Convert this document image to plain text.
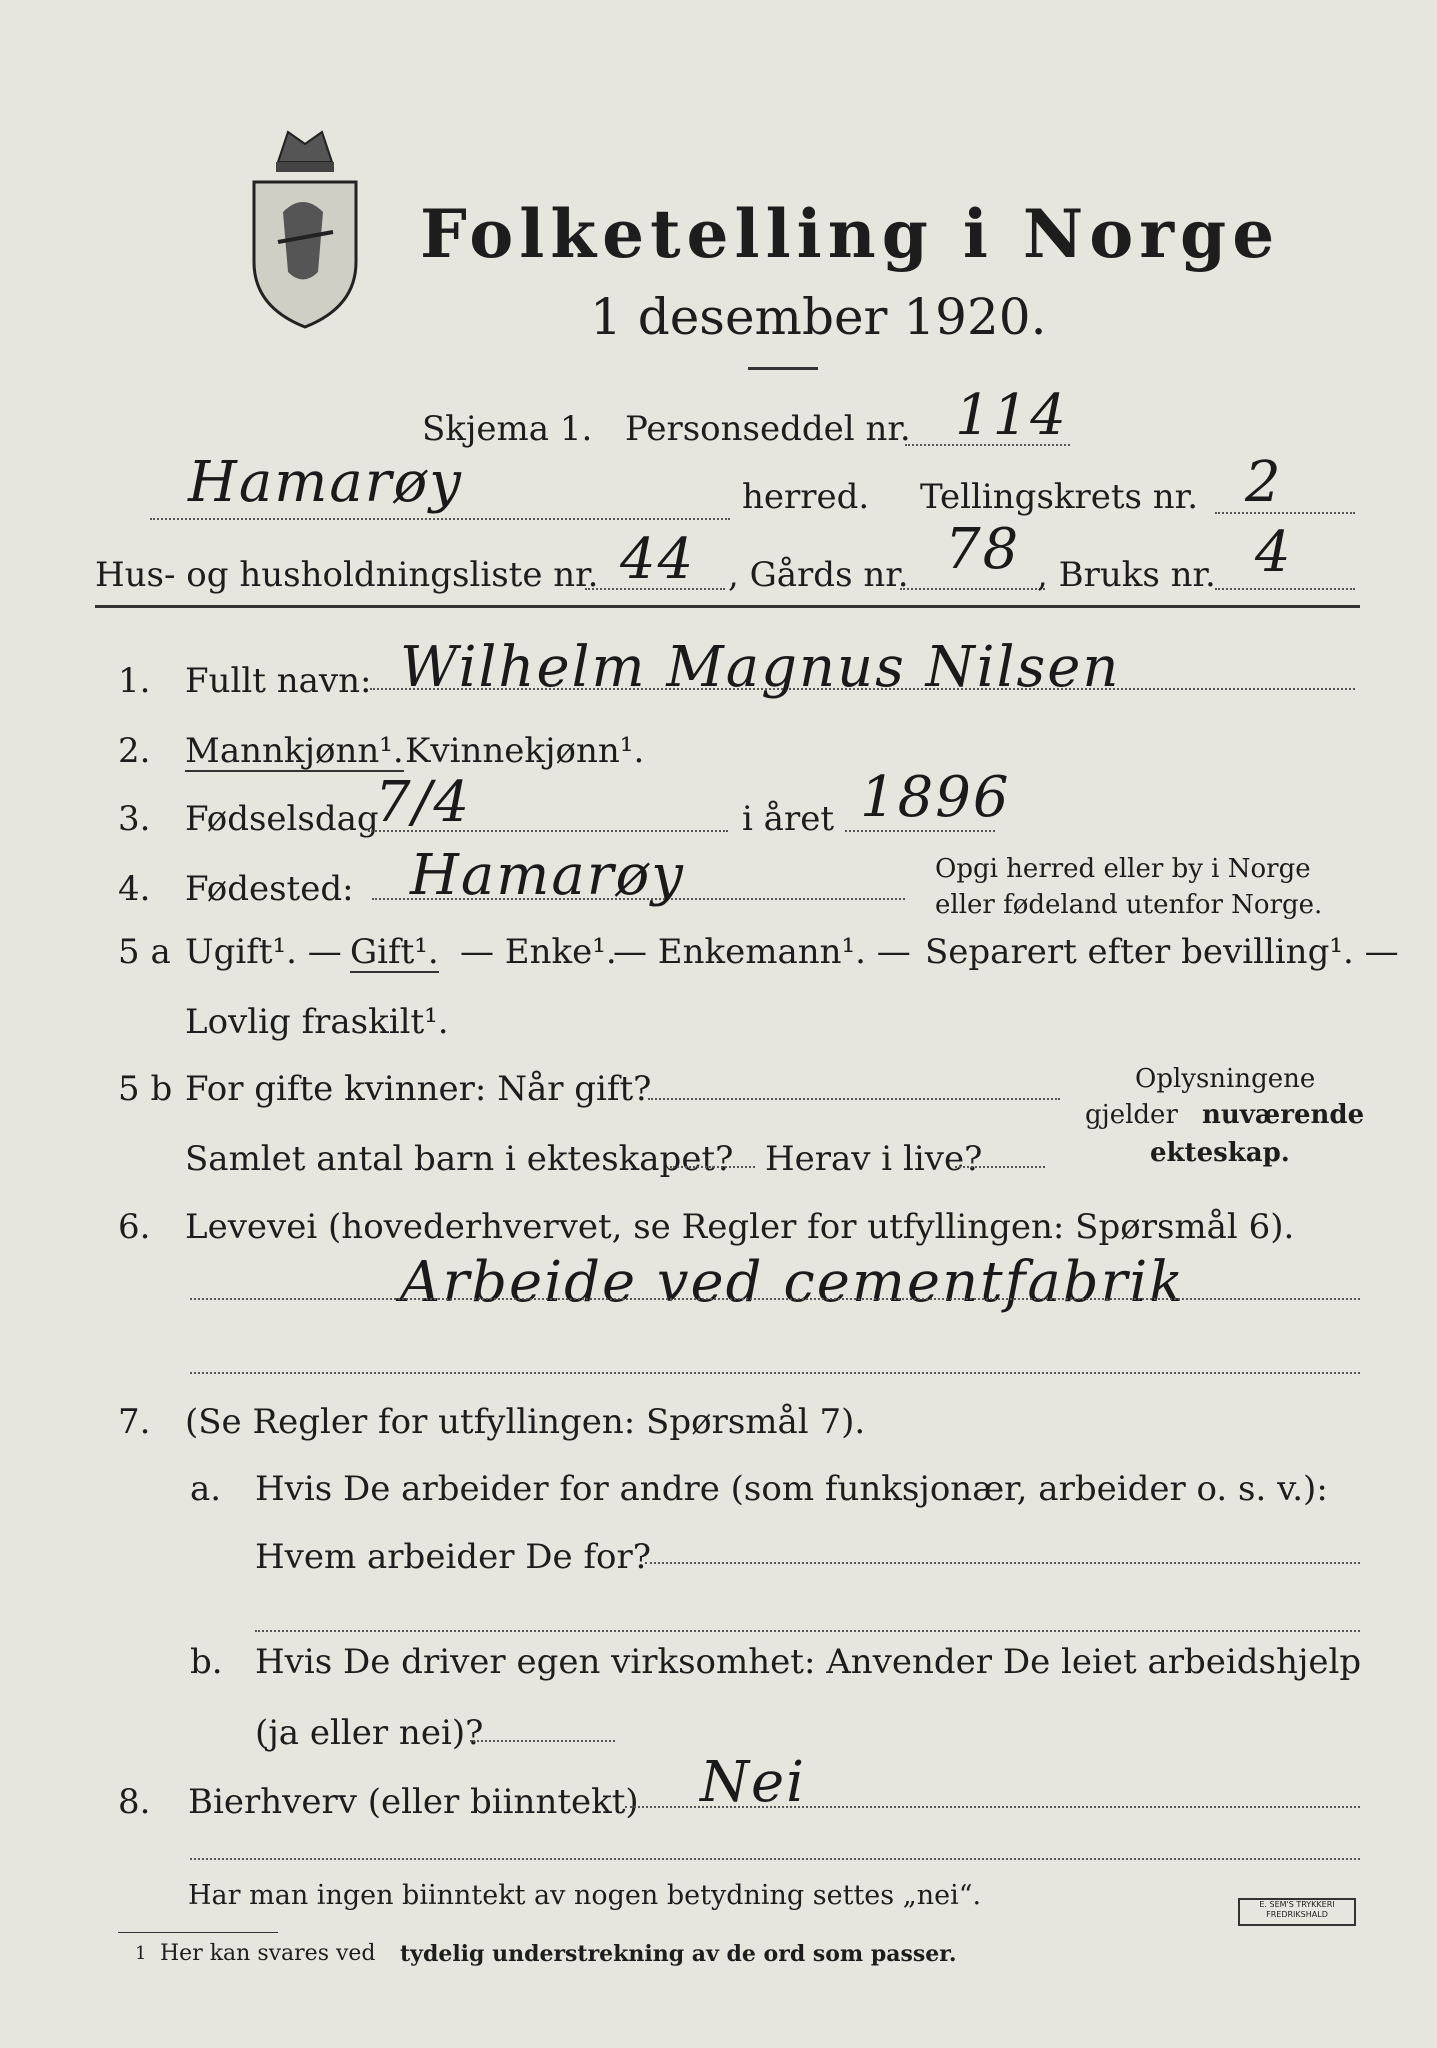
Folketelling i Norge
1 desember 1920.
Skjema 1. Personseddel nr. 114
Hamarøy	herred. Tellingskrets nr. 2
Hus- og husholdningsliste nr. 44 , Gårds nr. 78 , Bruks nr. 4
1. Fullt navn: Wilhelm Magnus Nilsen
2. Mannkjønn¹. Kvinnekjønn¹.
3. Fødselsdag
7/4	i året 1896
4. Fødested: Hamarøy	Opgi herred eller by i Norge
eller fødeland utenfor Norge.
5 a Ugift¹. — Gift¹. — Enke¹.
— Enkemann¹. — Separert efter bevilling¹. —
Lovlig fraskilt¹.
5 b For gifte kvinner: Når gift?
Samlet antal barn i ekteskapet? Herav i live?
Oplysningene
gjelder nuværende
ekteskap.
6. Levevei (hovederhvervet, se Regler for utfyllingen: Spørsmål 6).
Arbeide ved cementfabrik
7. (Se Regler for utfyllingen: Spørsmål 7).
a. Hvis De arbeider for andre (som funksjonær, arbeider o. s. v.):
Hvem arbeider De for?
b. Hvis De driver egen virksomhet: Anvender De leiet arbeidshjelp
(ja eller nei)?
8. Bierhverv (eller biinntekt) Nei
Har man ingen biinntekt av nogen betydning settes „nei“.
1 Her kan svares ved tydelig understrekning av de ord som passer.
E. SEM'S TRYKKERI FREDRIKSHALD
